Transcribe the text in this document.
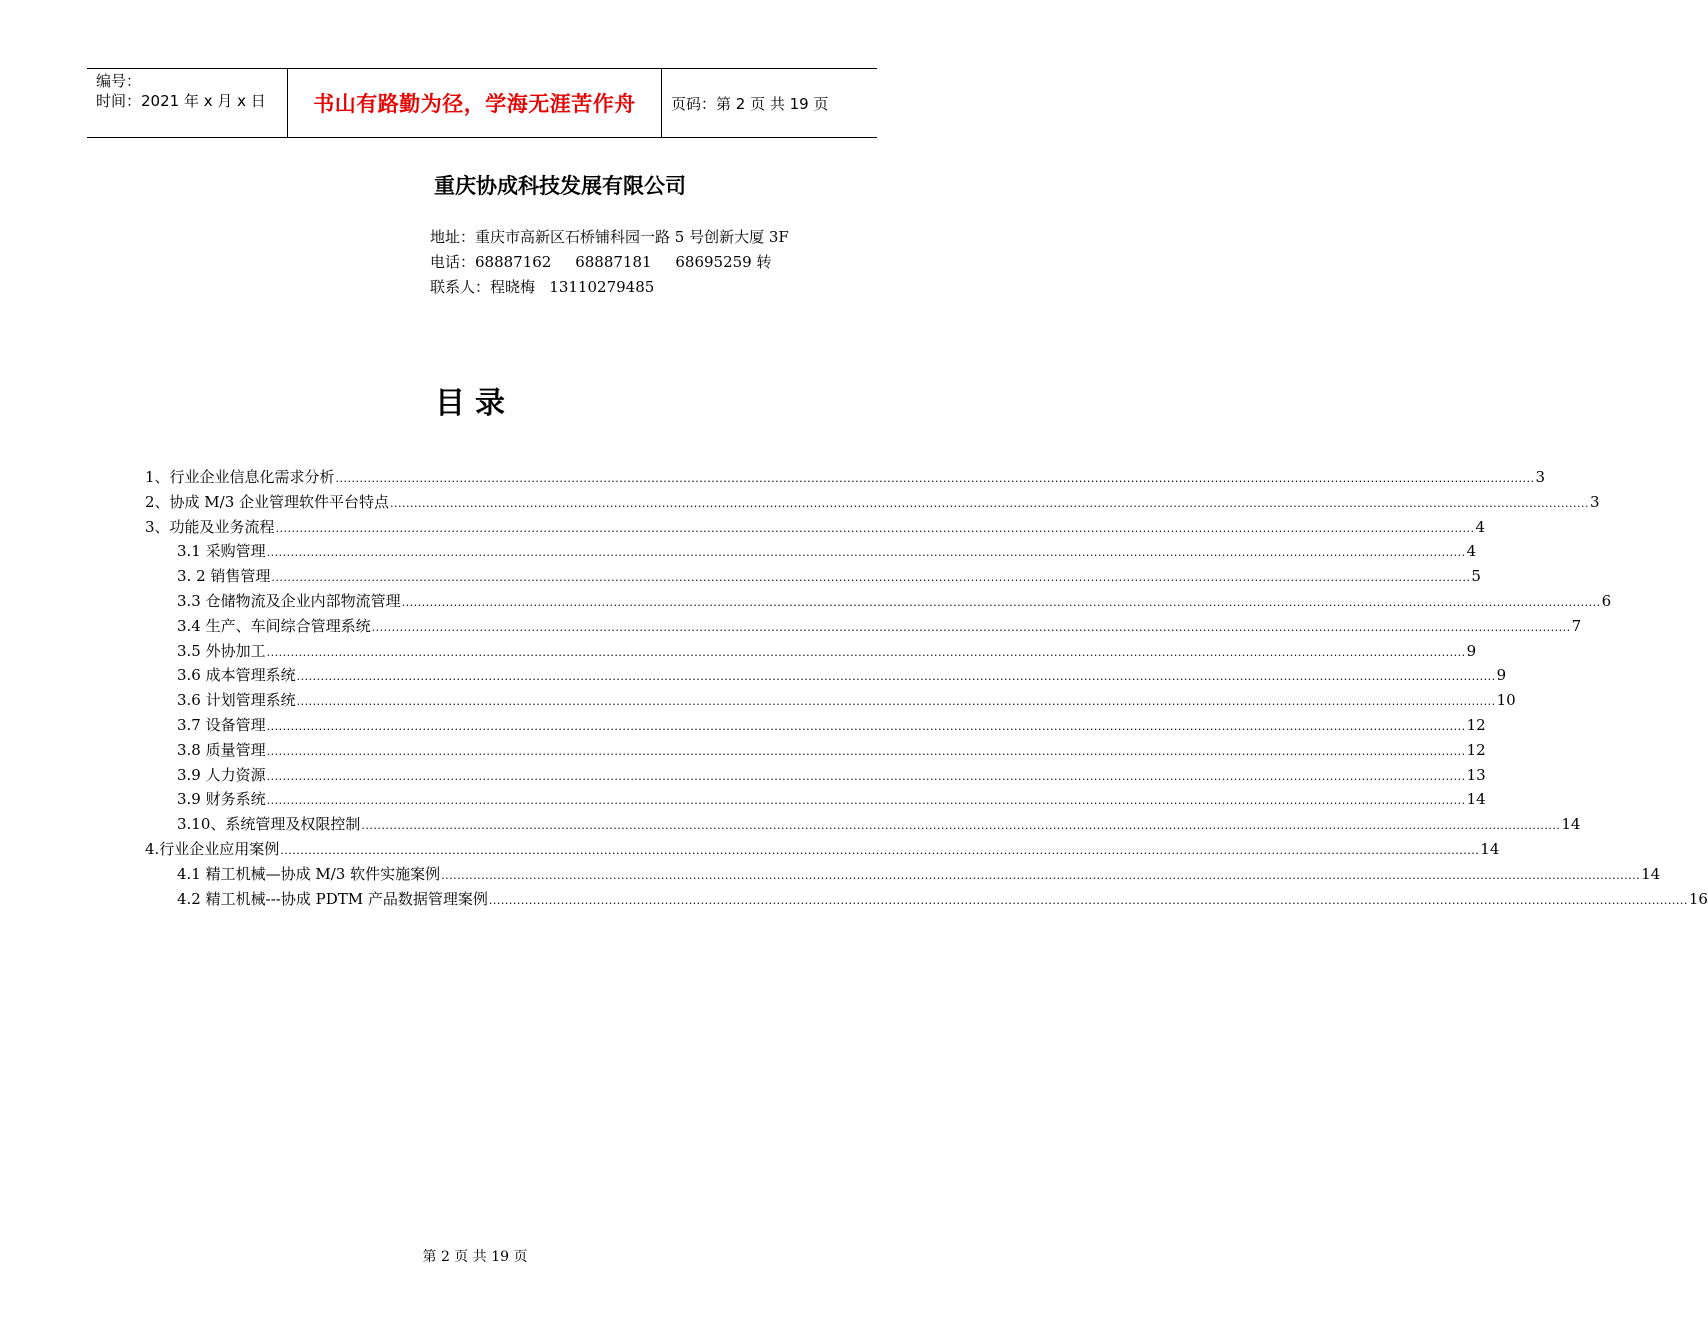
编号：
时间：2021 年 x 月 x 日	书山有路勤为径，学海无涯苦作舟	页码：第 2 页 共 19 页
重庆协成科技发展有限公司
地址：重庆市高新区石桥铺科园一路 5 号创新大厦 3F
电话：68887162     68887181     68695259 转
联系人：程晓梅   13110279485
目录
1、行业企业信息化需求分析 ............................................................................................................................................................................................................................................................................................................ 3
2、协成 M/3 企业管理软件平台特点 ............................................................................................................................................................................................................................................................................................................ 3
3、功能及业务流程 ............................................................................................................................................................................................................................................................................................................ 4
3.1 采购管理 ............................................................................................................................................................................................................................................................................................................ 4
3. 2 销售管理 ............................................................................................................................................................................................................................................................................................................ 5
3.3 仓储物流及企业内部物流管理 ............................................................................................................................................................................................................................................................................................................ 6
3.4 生产、车间综合管理系统 ............................................................................................................................................................................................................................................................................................................ 7
3.5 外协加工 ............................................................................................................................................................................................................................................................................................................ 9
3.6 成本管理系统 ............................................................................................................................................................................................................................................................................................................ 9
3.6 计划管理系统 ............................................................................................................................................................................................................................................................................................................ 10
3.7 设备管理 ............................................................................................................................................................................................................................................................................................................ 12
3.8 质量管理 ............................................................................................................................................................................................................................................................................................................ 12
3.9 人力资源 ............................................................................................................................................................................................................................................................................................................ 13
3.9 财务系统 ............................................................................................................................................................................................................................................................................................................ 14
3.10、系统管理及权限控制 ............................................................................................................................................................................................................................................................................................................ 14
4.行业企业应用案例 ............................................................................................................................................................................................................................................................................................................ 14
4.1 精工机械—协成 M/3 软件实施案例 ............................................................................................................................................................................................................................................................................................................ 14
4.2 精工机械---协成 PDTM 产品数据管理案例 ............................................................................................................................................................................................................................................................................................................ 16
第 2 页 共 19 页
